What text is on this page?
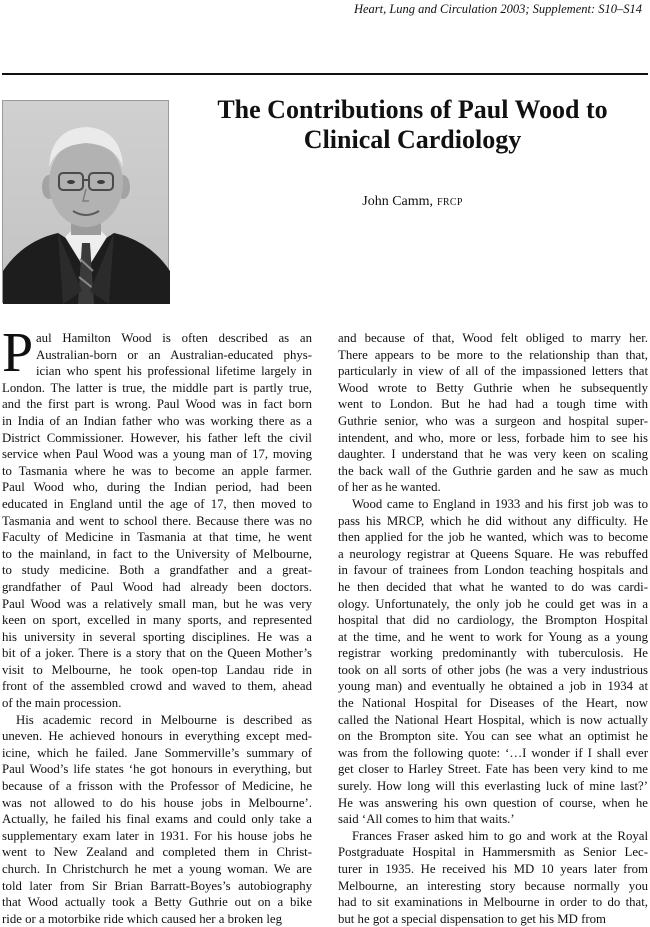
Heart, Lung and Circulation 2003; Supplement: S10–S14
The Contributions of Paul Wood to
Clinical Cardiology
John Camm, FRCP
P aul Hamilton Wood is often described as an
Australian-born or an Australian-educated phys-
ician who spent his professional lifetime largely in
London. The latter is true, the middle part is partly true,
and the first part is wrong. Paul Wood was in fact born
in India of an Indian father who was working there as a
District Commissioner. However, his father left the civil
service when Paul Wood was a young man of 17, moving
to Tasmania where he was to become an apple farmer.
Paul Wood who, during the Indian period, had been
educated in England until the age of 17, then moved to
Tasmania and went to school there. Because there was no
Faculty of Medicine in Tasmania at that time, he went
to the mainland, in fact to the University of Melbourne,
to study medicine. Both a grandfather and a great-
grandfather of Paul Wood had already been doctors.
Paul Wood was a relatively small man, but he was very
keen on sport, excelled in many sports, and represented
his university in several sporting disciplines. He was a
bit of a joker. There is a story that on the Queen Mother’s
visit to Melbourne, he took open-top Landau ride in
front of the assembled crowd and waved to them, ahead
of the main procession.
His academic record in Melbourne is described as
uneven. He achieved honours in everything except med-
icine, which he failed. Jane Sommerville’s summary of
Paul Wood’s life states ‘he got honours in everything, but
because of a frisson with the Professor of Medicine, he
was not allowed to do his house jobs in Melbourne’.
Actually, he failed his final exams and could only take a
supplementary exam later in 1931. For his house jobs he
went to New Zealand and completed them in Christ-
church. In Christchurch he met a young woman. We are
told later from Sir Brian Barratt-Boyes’s autobiography
that Wood actually took a Betty Guthrie out on a bike
ride or a motorbike ride which caused her a broken leg
and because of that, Wood felt obliged to marry her.
There appears to be more to the relationship than that,
particularly in view of all of the impassioned letters that
Wood wrote to Betty Guthrie when he subsequently
went to London. But he had had a tough time with
Guthrie senior, who was a surgeon and hospital super-
intendent, and who, more or less, forbade him to see his
daughter. I understand that he was very keen on scaling
the back wall of the Guthrie garden and he saw as much
of her as he wanted.
Wood came to England in 1933 and his first job was to
pass his MRCP, which he did without any difficulty. He
then applied for the job he wanted, which was to become
a neurology registrar at Queens Square. He was rebuffed
in favour of trainees from London teaching hospitals and
he then decided that what he wanted to do was cardi-
ology. Unfortunately, the only job he could get was in a
hospital that did no cardiology, the Brompton Hospital
at the time, and he went to work for Young as a young
registrar working predominantly with tuberculosis. He
took on all sorts of other jobs (he was a very industrious
young man) and eventually he obtained a job in 1934 at
the National Hospital for Diseases of the Heart, now
called the National Heart Hospital, which is now actually
on the Brompton site. You can see what an optimist he
was from the following quote: ‘…I wonder if I shall ever
get closer to Harley Street. Fate has been very kind to me
surely. How long will this everlasting luck of mine last?’
He was answering his own question of course, when he
said ‘All comes to him that waits.’
Frances Fraser asked him to go and work at the Royal
Postgraduate Hospital in Hammersmith as Senior Lec-
turer in 1935. He received his MD 10 years later from
Melbourne, an interesting story because normally you
had to sit examinations in Melbourne in order to do that,
but he got a special dispensation to get his MD from
